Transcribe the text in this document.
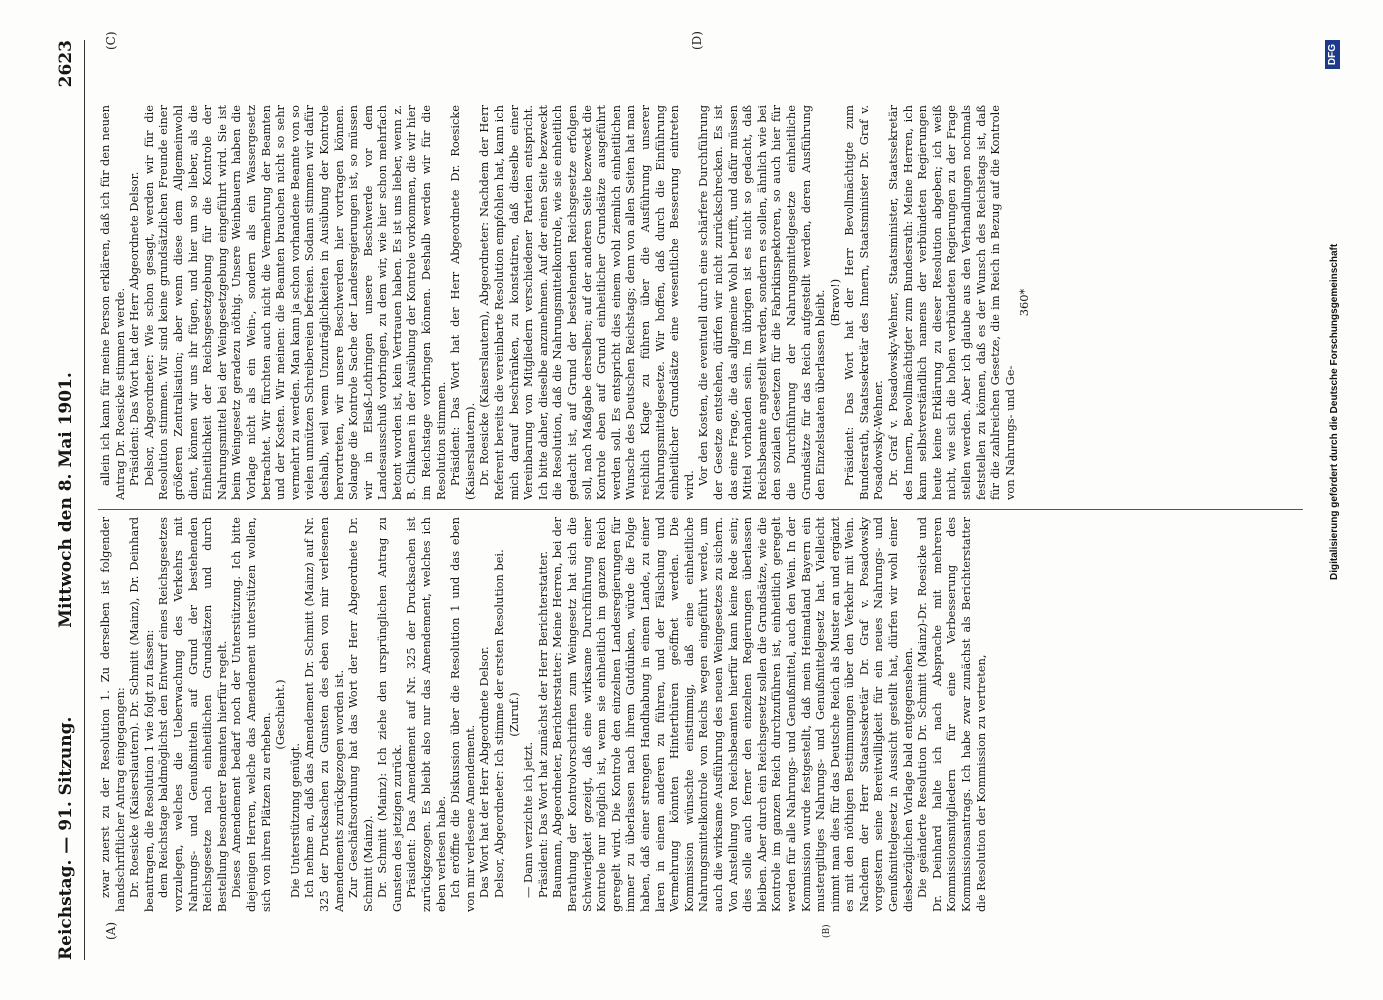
Reichstag. — 91. Sitzung.
Mittwoch den 8. Mai 1901.
2623
(A)	(B)
(C)	(D)

zwar zuerst zu der Resolution 1. Zu derselben ist folgender handschriftlicher Antrag eingegangen: Dr. Roesicke (Kaiserslautern). Dr. Schmitt (Mainz), Dr. Deinhard beantragen, die Resolution 1 wie folgt zu fassen: dem Reichstage baldmöglichst den Entwurf eines Reichsgesetzes vorzulegen, welches die Ueberwachung des Verkehrs mit Nahrungs- und Genußmitteln auf Grund der bestehenden Reichsgesetze nach einheitlichen Grundsätzen und durch Bestellung besonderer Beamten hierfür regelt. Dieses Amendement bedarf noch der Unterstützung. Ich bitte diejenigen Herren, welche das Amendement unterstützen wollen, sich von ihren Plätzen zu erheben. (Geschieht.)

Die Unterstützung genügt. Ich nehme an, daß das Amendement Dr. Schmitt (Mainz) auf Nr. 325 der Drucksachen zu Gunsten des eben von mir verlesenen Amendements zurückgezogen worden ist. Zur Geschäftsordnung hat das Wort der Herr Abgeordnete Dr. Schmitt (Mainz). Dr. Schmitt (Mainz): Ich ziehe den ursprünglichen Antrag zu Gunsten des jetzigen zurück. Präsident: Das Amendement auf Nr. 325 der Drucksachen ist zurückgezogen. Es bleibt also nur das Amendement, welches ich eben verlesen habe. Ich eröffne die Diskussion über die Resolution 1 und das eben von mir verlesene Amendement. Das Wort hat der Herr Abgeordnete Delsor. Delsor, Abgeordneter: Ich stimme der ersten Resolution bei. (Zuruf.)

— Dann verzichte ich jetzt. Präsident: Das Wort hat zunächst der Herr Berichterstatter. Baumann, Abgeordneter, Berichterstatter: Meine Herren, bei der Berathung der Kontrolvorschriften zum Weingesetz hat sich die Schwierigkeit gezeigt, daß eine wirksame Durchführung einer Kontrole nur möglich ist, wenn sie einheitlich im ganzen Reich geregelt wird. Die Kontrole den einzelnen Landesregierungen für immer zu überlassen nach ihrem Gutdünken, würde die Folge haben, daß einer strengen Handhabung in einem Lande, zu einer laren in einem anderen zu führen, und der Fälschung und Vermehrung könnten Hinterthüren geöffnet werden. Die Kommission wünschte einstimmig, daß eine einheitliche Nahrungsmittelkontrole von Reichs wegen eingeführt werde, um auch die wirksame Ausführung des neuen Weingesetzes zu sichern. Von Anstellung von Reichsbeamten hierfür kann keine Rede sein; dies solle auch ferner den einzelnen Regierungen überlassen bleiben. Aber durch ein Reichsgesetz sollen die Grundsätze, wie die Kontrole im ganzen Reich durchzuführen ist, einheitlich geregelt werden für alle Nahrungs- und Genußmittel, auch den Wein. In der Kommission wurde festgestellt, daß mein Heimatland Bayern ein mustergiltiges Nahrungs- und Genußmittelgesetz hat. Vielleicht nimmt man dies für das Deutsche Reich als Muster an und ergänzt es mit den nöthigen Bestimmungen über den Verkehr mit Wein. Nachdem der Herr Staatssekretär Dr. Graf v. Posadowsky vorgestern seine Bereitwilligkeit für ein neues Nahrungs- und Genußmittelgesetz in Aussicht gestellt hat, dürfen wir wohl einer diesbezüglichen Vorlage bald entgegensehen. Die geänderte Resolution Dr. Schmitt (Mainz)-Dr. Roesicke und Dr. Deinhard halte ich nach Absprache mit mehreren Kommissionsmitgliedern für eine Verbesserung des Kommissionsantrags. Ich habe zwar zunächst als Berichterstatter die Resolution der Kommission zu vertreten,

allein ich kann für meine Person erklären, daß ich für den neuen Antrag Dr. Roesicke stimmen werde. Präsident: Das Wort hat der Herr Abgeordnete Delsor. Delsor, Abgeordneter: Wie schon gesagt, werden wir für die Resolution stimmen. Wir sind keine grundsätzlichen Freunde einer größeren Zentralisation; aber wenn diese dem Allgemeinwohl dient, können wir uns ihr fügen, und hier um so lieber, als die Einheitlichkeit der Reichsgesetzgebung für die Kontrole der Nahrungsmittel bei der Weingesetzgebung eingeführt wird. Sie ist beim Weingesetz geradezu nöthig. Unsere Weinbauern haben die Vorlage nicht als ein Wein-, sondern als ein Wassergesetz betrachtet. Wir fürchten auch nicht die Vermehrung der Beamten und der Kosten. Wir meinen: die Beamten brauchen nicht so sehr vermehrt zu werden. Man kann ja schon vorhandene Beamte von so vielen unnützen Schreibereien befreien. Sodann stimmen wir dafür deshalb, weil wenn Unzuträglichkeiten in Ausübung der Kontrole hervortreten, wir unsere Beschwerden hier vortragen können. Solange die Kontrole Sache der Landesregierungen ist, so müssen wir in Elsaß-Lothringen unsere Beschwerde vor dem Landesausschuß vorbringen, zu dem wir, wie hier schon mehrfach betont worden ist, kein Vertrauen haben. Es ist uns lieber, wenn z. B. Chikanen in der Ausübung der Kontrole vorkommen, die wir hier im Reichstage vorbringen können. Deshalb werden wir für die Resolution stimmen. Präsident: Das Wort hat der Herr Abgeordnete Dr. Roesicke (Kaiserslautern). Dr. Roesicke (Kaiserslautern), Abgeordneter: Nachdem der Herr Referent bereits die vereinbarte Resolution empfohlen hat, kann ich mich darauf beschränken, zu konstatiren, daß dieselbe einer Vereinbarung von Mitgliedern verschiedener Parteien entspricht. Ich bitte daher, dieselbe anzunehmen. Auf der einen Seite bezweckt die Resolution, daß die Nahrungsmittelkontrole, wie sie einheitlich gedacht ist, auf Grund der bestehenden Reichsgesetze erfolgen soll, nach Maßgabe derselben; auf der anderen Seite bezweckt die Kontrole eben auf Grund einheitlicher Grundsätze ausgeführt werden soll. Es entspricht dies einem wohl ziemlich einheitlichen Wunsche des Deutschen Reichstags; denn von allen Seiten hat man reichlich Klage zu führen über die Ausführung unserer Nahrungsmittelgesetze. Wir hoffen, daß durch die Einführung einheitlicher Grundsätze eine wesentliche Besserung eintreten wird. Vor den Kosten, die eventuell durch eine schärfere Durchführung der Gesetze entstehen, dürfen wir nicht zurückschrecken. Es ist das eine Frage, die das allgemeine Wohl betrifft, und dafür müssen Mittel vorhanden sein. Im übrigen ist es nicht so gedacht, daß Reichsbeamte angestellt werden, sondern es sollen, ähnlich wie bei den sozialen Gesetzen für die Fabrikinspektoren, so auch hier für die Durchführung der Nahrungsmittelgesetze einheitliche Grundsätze für das Reich aufgestellt werden, deren Ausführung den Einzelstaaten überlassen bleibt. (Bravo!) Präsident: Das Wort hat der Herr Bevollmächtigte zum Bundesrath, Staatssekretär des Innern, Staatsminister Dr. Graf v. Posadowsky-Wehner. Dr. Graf v. Posadowsky-Wehner, Staatsminister, Staatssekretär des Innern, Bevollmächtigter zum Bundesrath: Meine Herren, ich kann selbstverständlich namens der verbündeten Regierungen heute keine Erklärung zu dieser Resolution abgeben; ich weiß nicht, wie sich die hohen verbündeten Regierungen zu der Frage stellen werden. Aber ich glaube aus den Verhandlungen nochmals feststellen zu können, daß es der Wunsch des Reichstags ist, daß für die zahlreichen Gesetze, die im Reich in Bezug auf die Kontrole von Nahrungs- und Ge-

360*	Digitalisierung gefördert durch die Deutsche Forschungsgemeinschaft
DFG
